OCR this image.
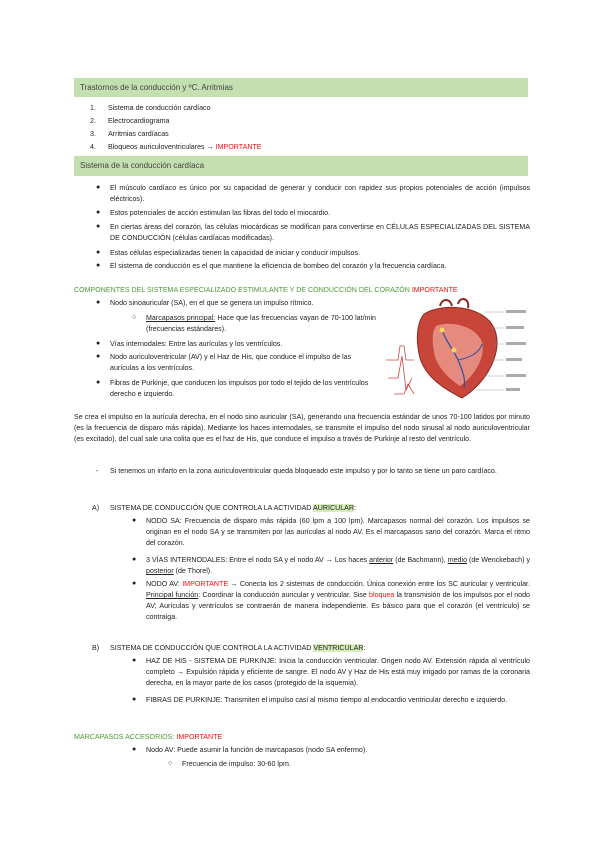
Trastornos de la conducción y ºC. Arritmias
1. Sistema de conducción cardíaco
2. Electrocardiograma
3. Arritmias cardíacas
4. Bloqueos auriculoventriculares → IMPORTANTE
Sistema de la conducción cardíaca
● El músculo cardíaco es único por su capacidad de generar y conducir con rapidez sus propios potenciales de acción (impulsos eléctricos).
● Estos potenciales de acción estimulan las fibras del todo el miocardio.
● En ciertas áreas del corazón, las células miocárdicas se modifican para convertirse en CÉLULAS ESPECIALIZADAS DEL SISTEMA DE CONDUCCIÓN (células cardíacas modificadas).
● Estas células especializadas tienen la capacidad de iniciar y conducir impulsos.
● El sistema de conducción es el que mantiene la eficiencia de bombeo del corazón y la frecuencia cardíaca.
COMPONENTES DEL SISTEMA ESPECIALIZADO ESTIMULANTE Y DE CONDUCCIÓN DEL CORAZÓN IMPORTANTE
● Nodo sinoauricular (SA), en el que se genera un impulso rítmico.
○ Marcapasos principal: Hace que las frecuencias vayan de 70-100 lat/min (frecuencias estándares).
● Vías internodales: Entre las aurículas y los ventrículos.
● Nodo auriculoventricular (AV) y el Haz de His, que conduce el impulso de las aurículas a los ventrículos.
● Fibras de Purkinje, que conducen los impulsos por todo el tejido de los ventrículos derecho e izquierdo.
Se crea el impulso en la aurícula derecha, en el nodo sino auricular (SA), generando una frecuencia estándar de unos 70-100 latidos por minuto (es la frecuencia de disparo más rápida). Mediante los haces internodales, se transmite el impulso del nodo sinusal al nodo auriculoventricular (es excitado), del cual sale una colita que es el haz de His, que conduce el impulso a través de Purkinje al resto del ventrículo.
- Si tenemos un infarto en la zona auriculoventricular queda bloqueado este impulso y por lo tanto se tiene un paro cardíaco.
A) SISTEMA DE CONDUCCIÓN QUE CONTROLA LA ACTIVIDAD AURICULAR:
● NODO SA: Frecuencia de disparo más rápida (60 lpm a 100 lpm). Marcapasos normal del corazón. Los impulsos se originan en el nodo SA y se transmiten por las aurículas al nodo AV. Es el marcapasos sano del corazón. Marca el ritmo del corazón.
● 3 VÍAS INTERNODALES: Entre el nodo SA y el nodo AV → Los haces anterior (de Bachmann), medio (de Wenckebach) y posterior (de Thorel).
● NODO AV: IMPORTANTE → Conecta los 2 sistemas de conducción. Única conexión entre los SC auricular y ventricular. Principal función: Coordinar la conducción auricular y ventricular. Sise bloquea la transmisión de los impulsos por el nodo AV; Aurículas y ventrículos se contraerán de manera independiente. Es básico para que el corazón (el ventrículo) se contraiga.
B) SISTEMA DE CONDUCCIÓN QUE CONTROLA LA ACTIVIDAD VENTRICULAR:
● HAZ DE HIS - SISTEMA DE PURKINJE: Inicia la conducción ventricular. Origen nodo AV. Extensión rápida al ventrículo completo → Expulsión rápida y eficiente de sangre. El nodo AV y Haz de His está muy irrigado por ramas de la coronaria derecha, en la mayor parte de los casos (protegido de la isquemia).
● FIBRAS DE PURKINJE: Transmiten el impulso casi al mismo tiempo al endocardio ventricular derecho e izquierdo.
MARCAPASOS ACCESORIOS: IMPORTANTE
● Nodo AV: Puede asumir la función de marcapasos (nodo SA enfermo).
○ Frecuencia de impulso: 30-60 lpm.
